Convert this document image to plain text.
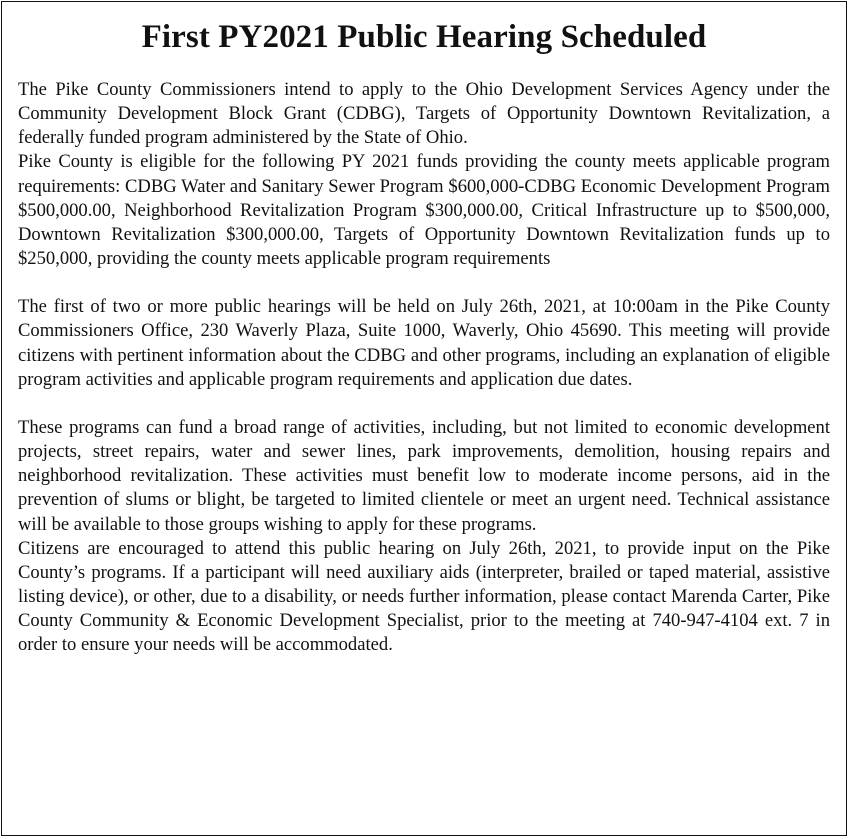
First PY2021 Public Hearing Scheduled

The Pike County Commissioners intend to apply to the Ohio Development Services Agency under the Community Development Block Grant (CDBG), Targets of Opportunity Downtown Revitalization, a federally funded program administered by the State of Ohio.

Pike County is eligible for the following PY 2021 funds providing the county meets applicable program requirements: CDBG Water and Sanitary Sewer Program $600,000-CDBG Economic Development Program $500,000.00, Neighborhood Revitalization Program $300,000.00, Critical Infrastructure up to $500,000, Downtown Revitalization $300,000.00, Targets of Opportunity Downtown Revitalization funds up to $250,000, providing the county meets applicable program requirements

The first of two or more public hearings will be held on July 26th, 2021, at 10:00am in the Pike County Commissioners Office, 230 Waverly Plaza, Suite 1000, Waverly, Ohio 45690. This meeting will provide citizens with pertinent information about the CDBG and other programs, including an explanation of eligible program activities and applicable program requirements and application due dates.

These programs can fund a broad range of activities, including, but not limited to economic development projects, street repairs, water and sewer lines, park improvements, demolition, housing repairs and neighborhood revitalization. These activities must benefit low to moderate income persons, aid in the prevention of slums or blight, be targeted to limited clientele or meet an urgent need. Technical assistance will be available to those groups wishing to apply for these programs.

Citizens are encouraged to attend this public hearing on July 26th, 2021, to provide input on the Pike County’s programs. If a participant will need auxiliary aids (interpreter, brailed or taped material, assistive listing device), or other, due to a disability, or needs further information, please contact Marenda Carter, Pike County Community & Economic Development Specialist, prior to the meeting at 740-947-4104 ext. 7 in order to ensure your needs will be accommodated.
